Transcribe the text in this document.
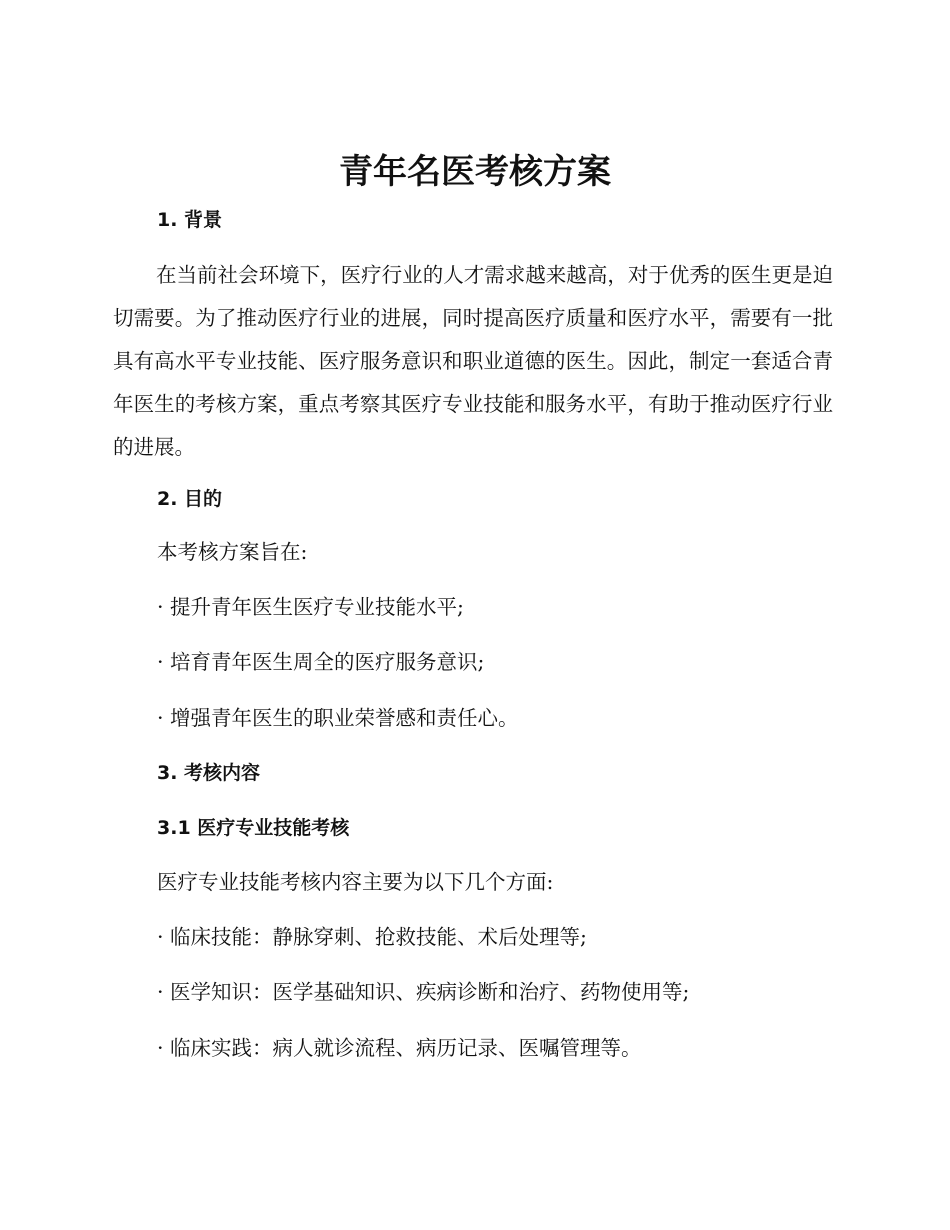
青年名医考核方案
1. 背景

在当前社会环境下，医疗行业的人才需求越来越高，对于优秀的医生更是迫切需要。为了推动医疗行业的进展，同时提高医疗质量和医疗水平，需要有一批具有高水平专业技能、医疗服务意识和职业道德的医生。因此，制定一套适合青年医生的考核方案，重点考察其医疗专业技能和服务水平，有助于推动医疗行业的进展。

2. 目的
本考核方案旨在:
· 提升青年医生医疗专业技能水平;
· 培育青年医生周全的医疗服务意识;
· 增强青年医生的职业荣誉感和责任心。
3. 考核内容
3.1 医疗专业技能考核
医疗专业技能考核内容主要为以下几个方面:
· 临床技能：静脉穿刺、抢救技能、术后处理等;
· 医学知识：医学基础知识、疾病诊断和治疗、药物使用等;
· 临床实践：病人就诊流程、病历记录、医嘱管理等。
